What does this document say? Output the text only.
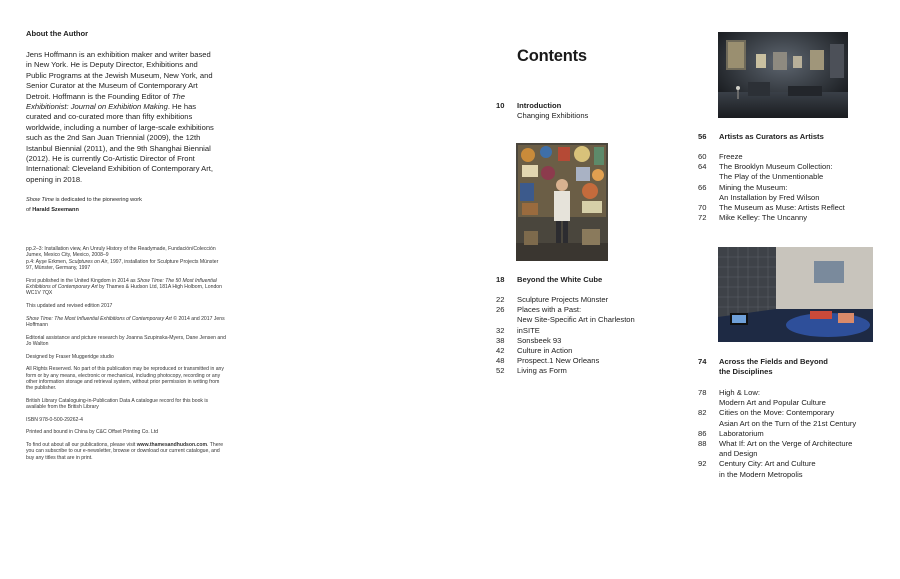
About the Author
Jens Hoffmann is an exhibition maker and writer based in New York. He is Deputy Director, Exhibitions and Public Programs at the Jewish Museum, New York, and Senior Curator at the Museum of Contemporary Art Detroit. Hoffmann is the Founding Editor of The Exhibitionist: Journal on Exhibition Making. He has curated and co-curated more than fifty exhibitions worldwide, including a number of large-scale exhibitions such as the 2nd San Juan Triennial (2009), the 12th Istanbul Biennial (2011), and the 9th Shanghai Biennial (2012). He is currently Co-Artistic Director of Front International: Cleveland Exhibition of Contemporary Art, opening in 2018.
Show Time is dedicated to the pioneering work
of Harald Szeemann

pp.2–3: Installation view, An Unruly History of the Readymade, Fundación/Colección Jumex, Mexico City, Mexico, 2008–9
p.4: Ayşe Erkmen, Sculptures on Air, 1997, installation for Sculpture Projects Münster 97, Münster, Germany, 1997

First published in the United Kingdom in 2014 as Show Time: The 50 Most Influential Exhibitions of Contemporary Art by Thames & Hudson Ltd, 181A High Holborn, London WC1V 7QX

This updated and revised edition 2017

Show Time: The Most Influential Exhibitions of Contemporary Art © 2014 and 2017 Jens Hoffmann

Editorial assistance and picture research by Joanna Szupinska-Myers, Dane Jensen and Jo Walton

Designed by Fraser Muggeridge studio

All Rights Reserved. No part of this publication may be reproduced or transmitted in any form or by any means, electronic or mechanical, including photocopy, recording or any other information storage and retrieval system, without prior permission in writing from the publisher.

British Library Cataloguing-in-Publication Data A catalogue record for this book is available from the British Library

ISBN 978-0-500-29262-4

Printed and bound in China by C&C Offset Printing Co. Ltd

To find out about all our publications, please visit www.thamesandhudson.com. There you can subscribe to our e-newsletter, browse or download our current catalogue, and buy any titles that are in print.

Contents
10	Introduction
Changing Exhibitions
18	Beyond the White Cube
22	Sculpture Projects Münster
26	Places with a Past:
New Site-Specific Art in Charleston
32	inSITE
38	Sonsbeek 93
42	Culture in Action
48	Prospect.1 New Orleans
52	Living as Form
56	Artists as Curators as Artists
60	Freeze
64	The Brooklyn Museum Collection:
The Play of the Unmentionable
66	Mining the Museum:
An Installation by Fred Wilson
70	The Museum as Muse: Artists Reflect
72	Mike Kelley: The Uncanny
74	Across the Fields and Beyond
the Disciplines
78	High & Low:
Modern Art and Popular Culture
82	Cities on the Move: Contemporary
Asian Art on the Turn of the 21st Century
86	Laboratorium
88	What If: Art on the Verge of Architecture
and Design
92	Century City: Art and Culture
in the Modern Metropolis
